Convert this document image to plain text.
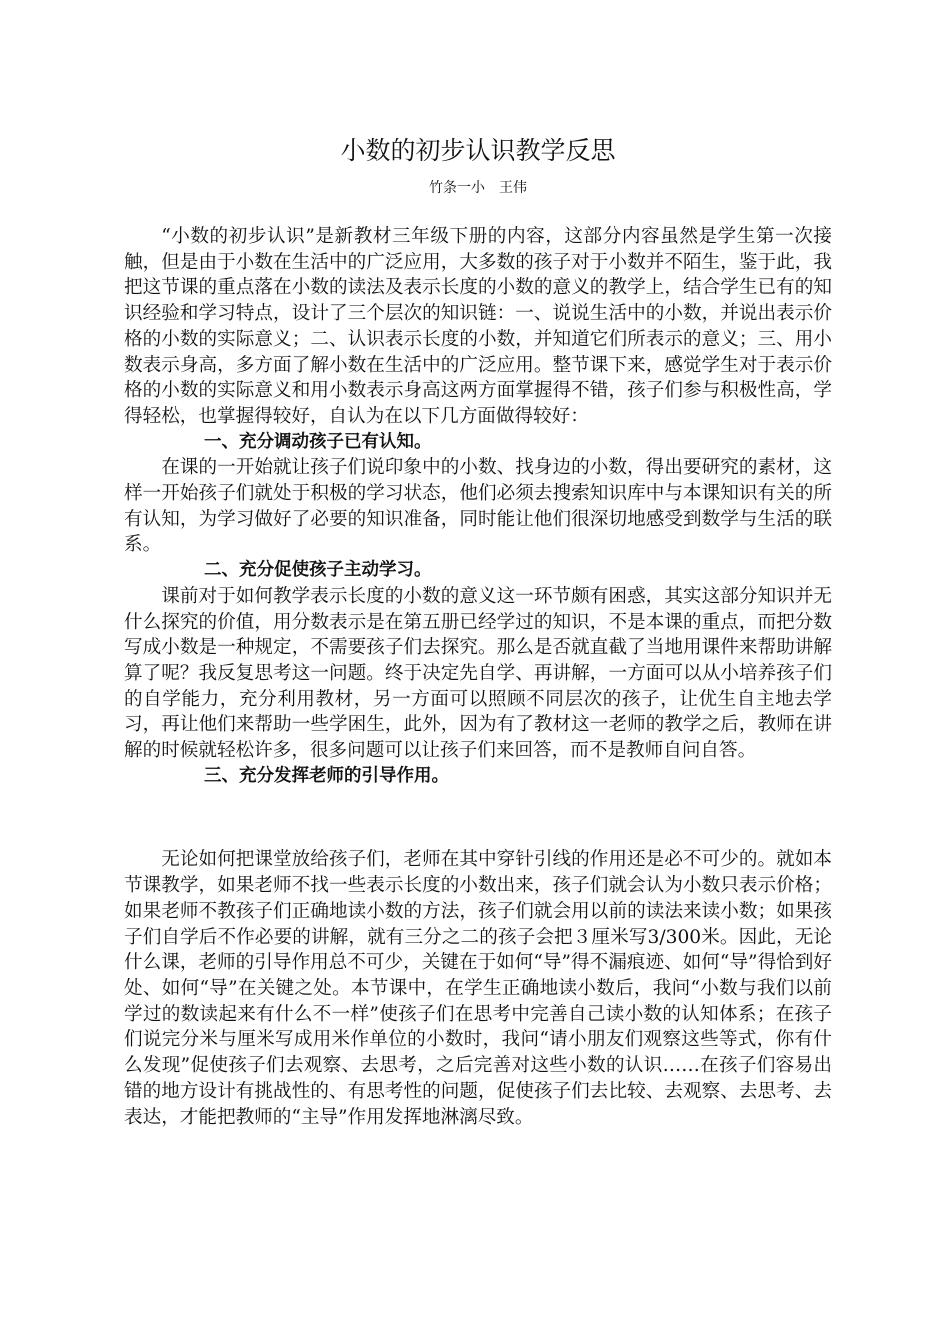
小数的初步认识教学反思
竹条一小　王伟

“小数的初步认识”是新教材三年级下册的内容，这部分内容虽然是学生第一次接触，但是由于小数在生活中的广泛应用，大多数的孩子对于小数并不陌生，鉴于此，我把这节课的重点落在小数的读法及表示长度的小数的意义的教学上，结合学生已有的知识经验和学习特点，设计了三个层次的知识链：一、说说生活中的小数，并说出表示价格的小数的实际意义；二、认识表示长度的小数，并知道它们所表示的意义；三、用小数表示身高，多方面了解小数在生活中的广泛应用。整节课下来，感觉学生对于表示价格的小数的实际意义和用小数表示身高这两方面掌握得不错，孩子们参与积极性高，学得轻松，也掌握得较好，自认为在以下几方面做得较好：

一、充分调动孩子已有认知。

在课的一开始就让孩子们说印象中的小数、找身边的小数，得出要研究的素材，这样一开始孩子们就处于积极的学习状态，他们必须去搜索知识库中与本课知识有关的所有认知，为学习做好了必要的知识准备，同时能让他们很深切地感受到数学与生活的联系。

二、充分促使孩子主动学习。

课前对于如何教学表示长度的小数的意义这一环节颇有困惑，其实这部分知识并无什么探究的价值，用分数表示是在第五册已经学过的知识，不是本课的重点，而把分数写成小数是一种规定，不需要孩子们去探究。那么是否就直截了当地用课件来帮助讲解算了呢？我反复思考这一问题。终于决定先自学、再讲解，一方面可以从小培养孩子们的自学能力，充分利用教材，另一方面可以照顾不同层次的孩子，让优生自主地去学习，再让他们来帮助一些学困生，此外，因为有了教材这一老师的教学之后，教师在讲解的时候就轻松许多，很多问题可以让孩子们来回答，而不是教师自问自答。

三、充分发挥老师的引导作用。

无论如何把课堂放给孩子们，老师在其中穿针引线的作用还是必不可少的。就如本节课教学，如果老师不找一些表示长度的小数出来，孩子们就会认为小数只表示价格；如果老师不教孩子们正确地读小数的方法，孩子们就会用以前的读法来读小数；如果孩子们自学后不作必要的讲解，就有三分之二的孩子会把３厘米写3/300米。因此，无论什么课，老师的引导作用总不可少，关键在于如何“导”得不漏痕迹、如何“导”得恰到好处、如何“导”在关键之处。本节课中，在学生正确地读小数后，我问“小数与我们以前学过的数读起来有什么不一样”使孩子们在思考中完善自己读小数的认知体系；在孩子们说完分米与厘米写成用米作单位的小数时，我问“请小朋友们观察这些等式，你有什么发现”促使孩子们去观察、去思考，之后完善对这些小数的认识……在孩子们容易出错的地方设计有挑战性的、有思考性的问题，促使孩子们去比较、去观察、去思考、去表达，才能把教师的“主导”作用发挥地淋漓尽致。
